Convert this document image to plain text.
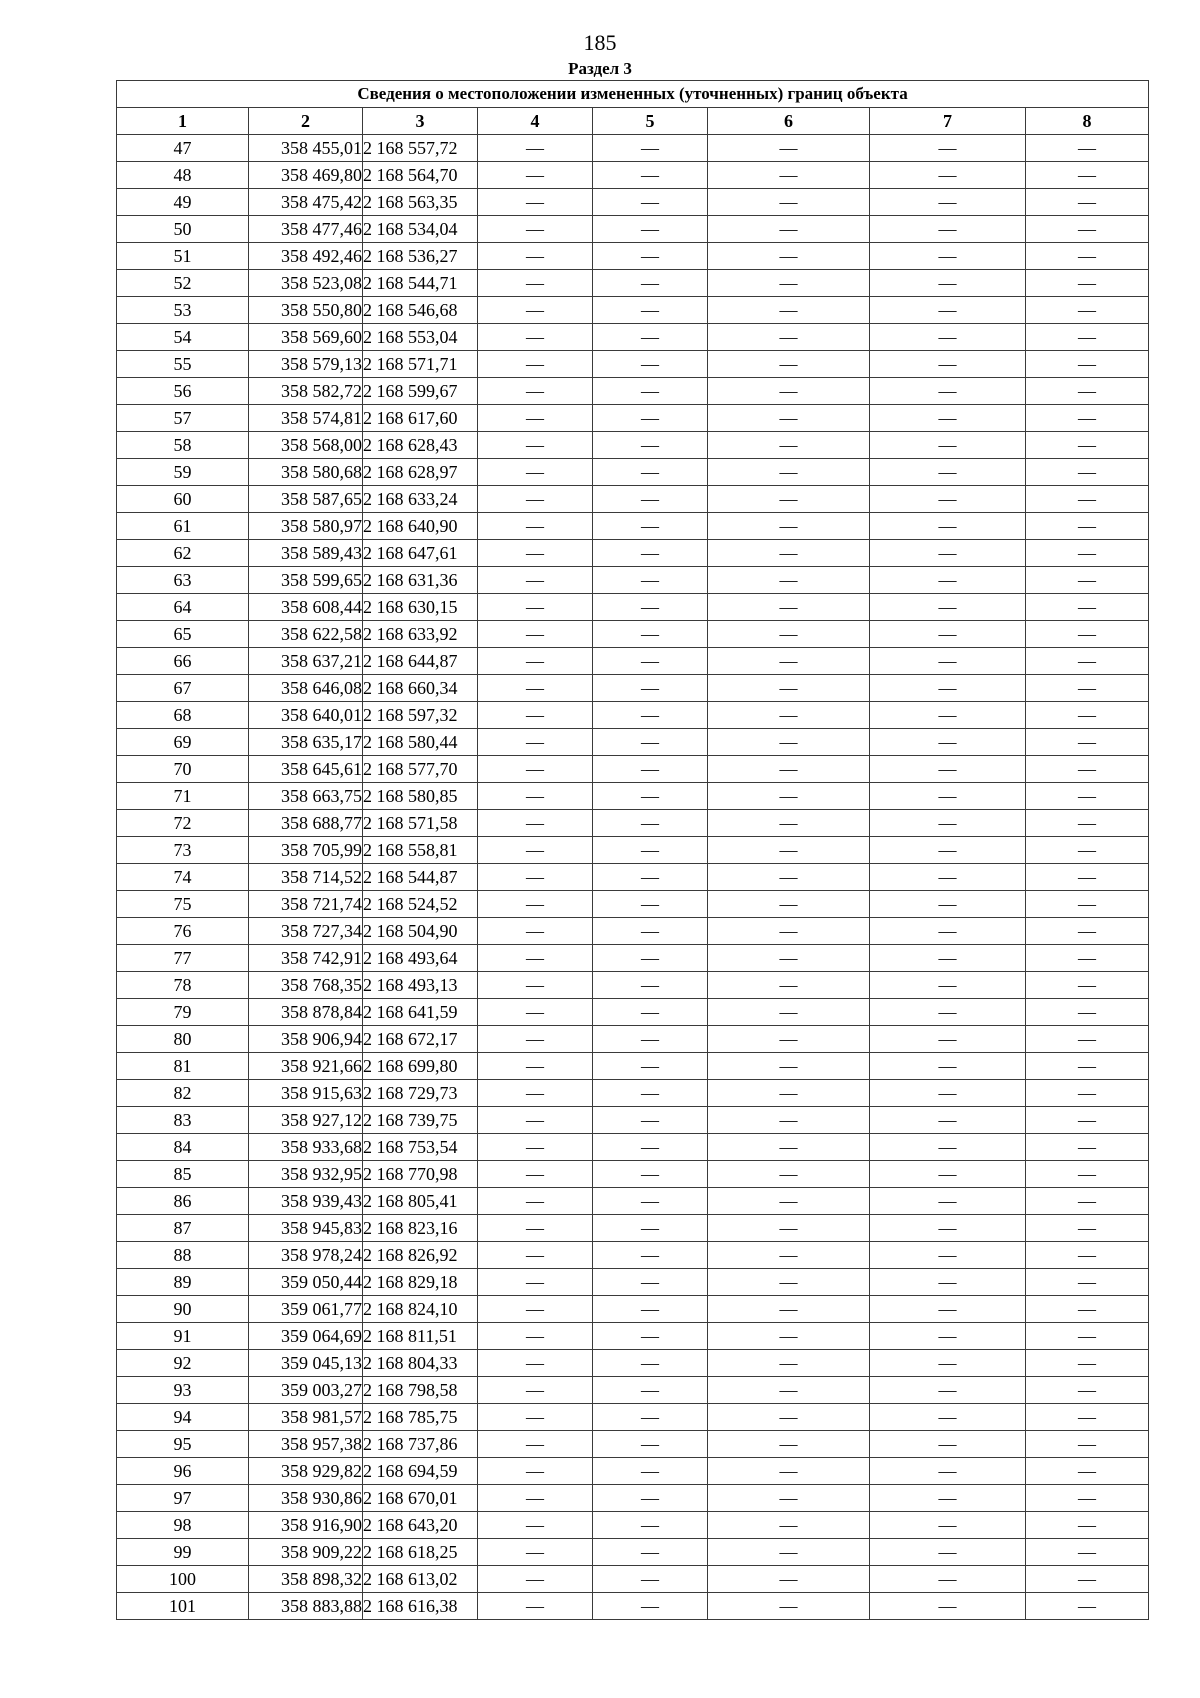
185
Раздел 3
Сведения о местоположении измененных (уточненных) границ объекта							
1	2	3	4	5	6	7	8
47	358 455,01	2 168 557,72	—	—	—	—	—
48	358 469,80	2 168 564,70	—	—	—	—	—
49	358 475,42	2 168 563,35	—	—	—	—	—
50	358 477,46	2 168 534,04	—	—	—	—	—
51	358 492,46	2 168 536,27	—	—	—	—	—
52	358 523,08	2 168 544,71	—	—	—	—	—
53	358 550,80	2 168 546,68	—	—	—	—	—
54	358 569,60	2 168 553,04	—	—	—	—	—
55	358 579,13	2 168 571,71	—	—	—	—	—
56	358 582,72	2 168 599,67	—	—	—	—	—
57	358 574,81	2 168 617,60	—	—	—	—	—
58	358 568,00	2 168 628,43	—	—	—	—	—
59	358 580,68	2 168 628,97	—	—	—	—	—
60	358 587,65	2 168 633,24	—	—	—	—	—
61	358 580,97	2 168 640,90	—	—	—	—	—
62	358 589,43	2 168 647,61	—	—	—	—	—
63	358 599,65	2 168 631,36	—	—	—	—	—
64	358 608,44	2 168 630,15	—	—	—	—	—
65	358 622,58	2 168 633,92	—	—	—	—	—
66	358 637,21	2 168 644,87	—	—	—	—	—
67	358 646,08	2 168 660,34	—	—	—	—	—
68	358 640,01	2 168 597,32	—	—	—	—	—
69	358 635,17	2 168 580,44	—	—	—	—	—
70	358 645,61	2 168 577,70	—	—	—	—	—
71	358 663,75	2 168 580,85	—	—	—	—	—
72	358 688,77	2 168 571,58	—	—	—	—	—
73	358 705,99	2 168 558,81	—	—	—	—	—
74	358 714,52	2 168 544,87	—	—	—	—	—
75	358 721,74	2 168 524,52	—	—	—	—	—
76	358 727,34	2 168 504,90	—	—	—	—	—
77	358 742,91	2 168 493,64	—	—	—	—	—
78	358 768,35	2 168 493,13	—	—	—	—	—
79	358 878,84	2 168 641,59	—	—	—	—	—
80	358 906,94	2 168 672,17	—	—	—	—	—
81	358 921,66	2 168 699,80	—	—	—	—	—
82	358 915,63	2 168 729,73	—	—	—	—	—
83	358 927,12	2 168 739,75	—	—	—	—	—
84	358 933,68	2 168 753,54	—	—	—	—	—
85	358 932,95	2 168 770,98	—	—	—	—	—
86	358 939,43	2 168 805,41	—	—	—	—	—
87	358 945,83	2 168 823,16	—	—	—	—	—
88	358 978,24	2 168 826,92	—	—	—	—	—
89	359 050,44	2 168 829,18	—	—	—	—	—
90	359 061,77	2 168 824,10	—	—	—	—	—
91	359 064,69	2 168 811,51	—	—	—	—	—
92	359 045,13	2 168 804,33	—	—	—	—	—
93	359 003,27	2 168 798,58	—	—	—	—	—
94	358 981,57	2 168 785,75	—	—	—	—	—
95	358 957,38	2 168 737,86	—	—	—	—	—
96	358 929,82	2 168 694,59	—	—	—	—	—
97	358 930,86	2 168 670,01	—	—	—	—	—
98	358 916,90	2 168 643,20	—	—	—	—	—
99	358 909,22	2 168 618,25	—	—	—	—	—
100	358 898,32	2 168 613,02	—	—	—	—	—
101	358 883,88	2 168 616,38	—	—	—	—	—
